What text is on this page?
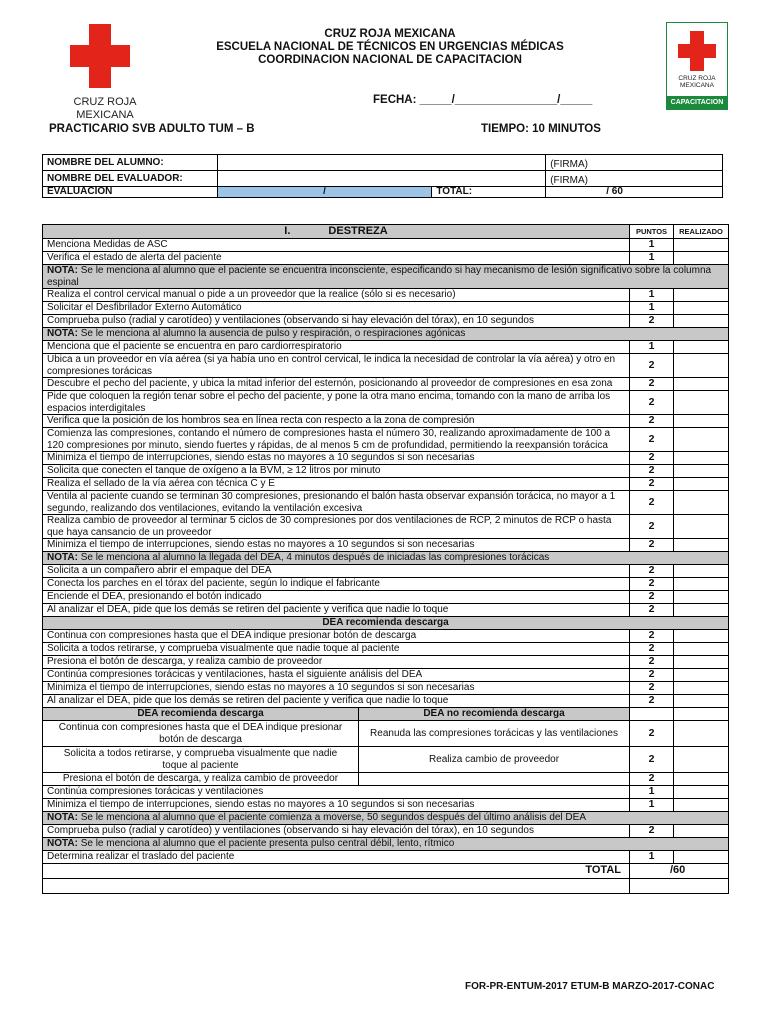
CRUZ ROJA
MEXICANA
CRUZ ROJA MEXICANA
ESCUELA NACIONAL DE TÉCNICOS EN URGENCIAS MÉDICAS
COORDINACION NACIONAL DE CAPACITACION
CRUZ ROJA
MEXICANA
CAPACITACION
FECHA: _____/________________/_____
PRACTICARIO SVB ADULTO TUM – B	TIEMPO: 10 MINUTOS
NOMBRE DEL ALUMNO:			(FIRMA)

NOMBRE DEL EVALUADOR:			(FIRMA)

EVALUACION	/	TOTAL:	/ 60
I. DESTREZA		PUNTOS	REALIZADO
Menciona Medidas de ASC		1	
Verifica el estado de alerta del paciente		1	
NOTA: Se le menciona al alumno que el paciente se encuentra inconsciente, especificando si hay mecanismo de lesión significativo sobre la columna espinal			
Realiza el control cervical manual o pide a un proveedor que la realice (sólo si es necesario)		1	
Solicitar el Desfibrilador Externo Automático		1	
Comprueba pulso (radial y carotídeo) y ventilaciones (observando si hay elevación del tórax), en 10 segundos		2	
NOTA: Se le menciona al alumno la ausencia de pulso y respiración, o respiraciones agónicas			
Menciona que el paciente se encuentra en paro cardiorrespiratorio		1	
Ubica a un proveedor en vía aérea (si ya había uno en control cervical, le indica la necesidad de controlar la vía aérea) y otro en compresiones torácicas		2	
Descubre el pecho del paciente, y ubica la mitad inferior del esternón, posicionando al proveedor de compresiones en esa zona		2	
Pide que coloquen la región tenar sobre el pecho del paciente, y pone la otra mano encima, tomando con la mano de arriba los espacios interdigitales		2	
Verifica que la posición de los hombros sea en línea recta con respecto a la zona de compresión		2	
Comienza las compresiones, contando el número de compresiones hasta el número 30, realizando aproximadamente de 100 a 120 compresiones por minuto, siendo fuertes y rápidas, de al menos 5 cm de profundidad, permitiendo la reexpansión torácica		2	
Minimiza el tiempo de interrupciones, siendo estas no mayores a 10 segundos si son necesarias		2	
Solicita que conecten el tanque de oxígeno a la BVM, ≥ 12 litros por minuto		2	
Realiza el sellado de la vía aérea con técnica C y E		2	
Ventila al paciente cuando se terminan 30 compresiones, presionando el balón hasta observar expansión torácica, no mayor a 1 segundo, realizando dos ventilaciones, evitando la ventilación excesiva		2	
Realiza cambio de proveedor al terminar 5 ciclos de 30 compresiones por dos ventilaciones de RCP, 2 minutos de RCP o hasta que haya cansancio de un proveedor		2	
Minimiza el tiempo de interrupciones, siendo estas no mayores a 10 segundos si son necesarias		2	
NOTA: Se le menciona al alumno la llegada del DEA, 4 minutos después de iniciadas las compresiones torácicas			
Solicita a un compañero abrir el empaque del DEA		2	
Conecta los parches en el tórax del paciente, según lo indique el fabricante		2	
Enciende el DEA, presionando el botón indicado		2	
Al analizar el DEA, pide que los demás se retiren del paciente y verifica que nadie lo toque		2	
DEA recomienda descarga			
Continua con compresiones hasta que el DEA indique presionar botón de descarga		2	
Solicita a todos retirarse, y comprueba visualmente que nadie toque al paciente		2	
Presiona el botón de descarga, y realiza cambio de proveedor		2	
Continúa compresiones torácicas y ventilaciones, hasta el siguiente análisis del DEA		2	
Minimiza el tiempo de interrupciones, siendo estas no mayores a 10 segundos si son necesarias		2	
Al analizar el DEA, pide que los demás se retiren del paciente y verifica que nadie lo toque		2	
DEA recomienda descarga	DEA no recomienda descarga		
Continua con compresiones hasta que el DEA indique presionar botón de descarga	Reanuda las compresiones torácicas y las ventilaciones	2	
Solicita a todos retirarse, y comprueba visualmente que nadie toque al paciente	Realiza cambio de proveedor	2	
Presiona el botón de descarga, y realiza cambio de proveedor		2	
Continúa compresiones torácicas y ventilaciones		1	
Minimiza el tiempo de interrupciones, siendo estas no mayores a 10 segundos si son necesarias		1	
NOTA: Se le menciona al alumno que el paciente comienza a moverse, 50 segundos después del último análisis del DEA			
Comprueba pulso (radial y carotídeo) y ventilaciones (observando si hay elevación del tórax), en 10 segundos		2	
NOTA: Se le menciona al alumno que el paciente presenta pulso central débil, lento, rítmico			
Determina realizar el traslado del paciente		1	
TOTAL		/60	

FOR-PR-ENTUM-2017 ETUM-B MARZO-2017-CONAC
